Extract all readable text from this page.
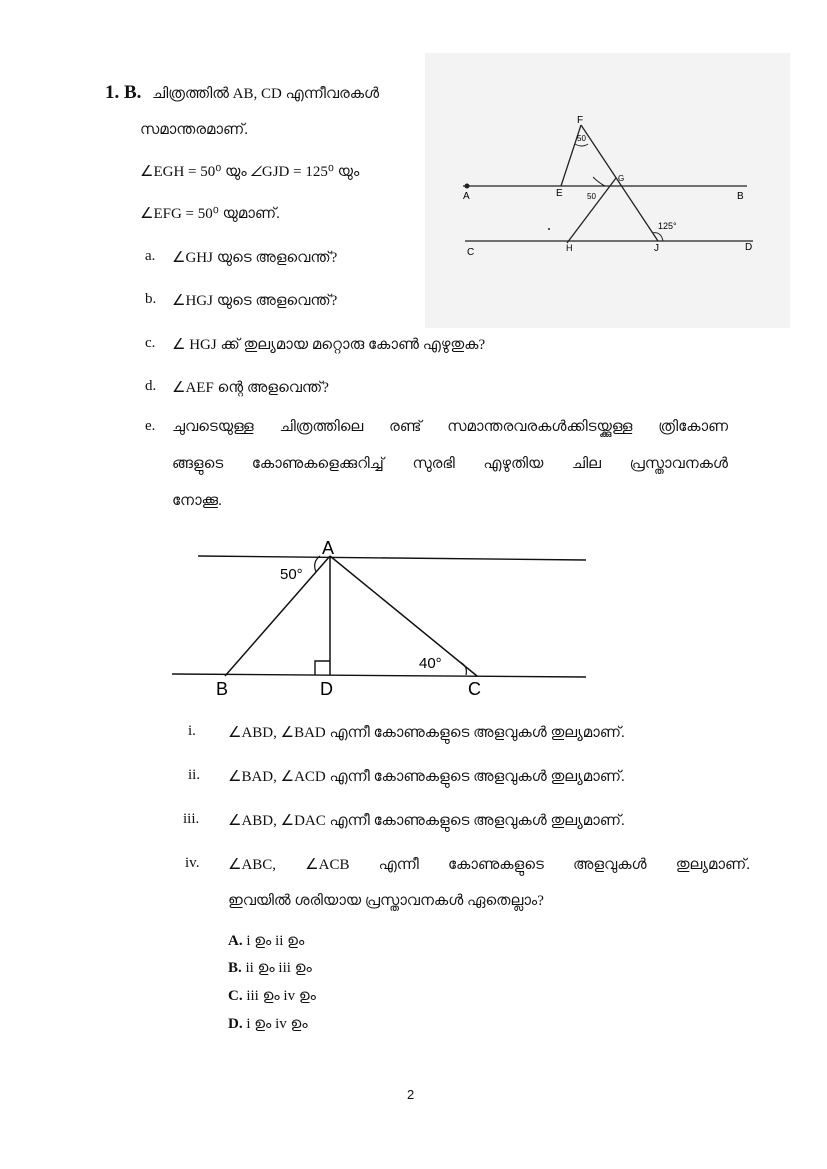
1. B. ചിത്രത്തിൽ AB, CD എന്നീവരകൾ
സമാന്തരമാണ്.
∠EGH = 50⁰ യും ∠GJD = 125⁰ യും
∠EFG = 50⁰ യുമാണ്.
a. ∠GHJ യുടെ അളവെന്ത്?
b. ∠HGJ യുടെ അളവെന്ത്?
c. ∠ HGJ ക്ക് തുല്യമായ മറ്റൊരു കോൺ എഴുതുക?
d. ∠AEF ന്റെ അളവെന്ത്?
e. ചുവടെയുള്ള ചിത്രത്തിലെ രണ്ട് സമാന്തരവരകൾക്കിടയ്ക്കുള്ള ത്രികോണ
ങ്ങളുടെ കോണുകളെക്കുറിച്ച് സുരഭി എഴുതിയ ചില പ്രസ്താവനകൾ
നോക്കൂ.
F
A	B
E
G
C	D
H	J
50
50
125°
A
B	D	C
50°
40°
i. ∠ABD, ∠BAD എന്നീ കോണുകളുടെ അളവുകൾ തുല്യമാണ്.
ii. ∠BAD, ∠ACD എന്നീ കോണുകളുടെ അളവുകൾ തുല്യമാണ്.
iii. ∠ABD, ∠DAC എന്നീ കോണുകളുടെ അളവുകൾ തുല്യമാണ്.
iv. ∠ABC, ∠ACB എന്നീ കോണുകളുടെ അളവുകൾ തുല്യമാണ്.
ഇവയിൽ ശരിയായ പ്രസ്താവനകൾ ഏതെല്ലാം?
A. i ഉം ii ഉം
B. ii ഉം iii ഉം
C. iii ഉം iv ഉം
D. i ഉം iv ഉം
2
